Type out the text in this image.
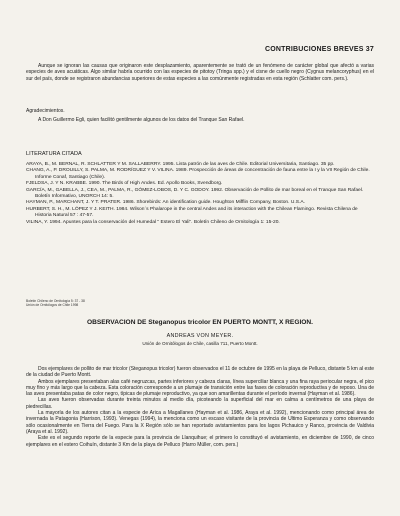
CONTRIBUCIONES BREVES 37
Aunque se ignoran las causas que originaron este desplazamiento, aparentemente se trató de un fenómeno de carácter global que afectó a varias especies de aves acuáticas. Algo similar habría ocurrido con las especies de pitotoy (Tringa spp.) y el cisne de cuello negro (Cygnus melancoryphus) en el sur del país, donde se registraron abundancias superiores de estas especies a las comúnmente registradas en esta región (Schlatter com. pers.).
Agradecimientos.
A Don Guillermo Egli, quien facilitó gentilmente algunos de los datos del Tranque San Rafael.
LITERATURA CITADA

ARAYA, B., M. BERNAL, R. SCHLATTER Y M. SALLABERRY. 1995. Lista patrón de las aves de Chile. Editorial Universitaria, Santiago. 35 pp.

CHANG, A., P. DROUILLY, S. PALMA, M. RODRÍGUEZ Y V. VILINA. 1989. Prospección de áreas de concentración de fauna entre la I y la VII Región de Chile. Informe Conaf, Santiago (Chile).

FJELDSA, J. Y N. KRABBE. 1990. The Birds of High Andes. Ed. Apollo Books, Svendborg.

GARCÍA, M., GABELLA, J., CEA, M., PALMA, R., GÓMEZ-LOBOS, D. Y C. GODOY. 1992. Observación de Pollito de mar boreal en el Tranque San Rafael. Boletín Informativo, UNORCH 14: 5.

HAYMAN, P., MARCHANT, J. Y T. PRATER. 1986. Shorebirds: An identification guide. Houghton Mifflin Company, Boston. U.S.A.

HURBERT, S. H., M. LÓPEZ Y J. KEITH. 1984. Wilson´s Phalarope in the central Andes and its interaction with the Chilean Flamingo. Revista Chilena de Historia Natural 57 : 47-57.

VILINA, Y. 1994. Apuntes para la conservación del Humedal " Estero El Yali". Boletín Chileno de Ornitología 1: 15-20.

Boletín Chileno de Ornitología 5: 37 - 38
Unión de Ornitólogos de Chile 1998
OBSERVACION DE Steganopus tricolor EN PUERTO MONTT, X REGION.
ANDREAS VON MEYER.
Unión de Ornitólogos de Chile, casilla 711, Puerto Montt.

Dos ejemplares de pollito de mar tricolor (Steganopus tricolor) fueron observados el 11 de octubre de 1995 en la playa de Pelluco, distante 5 km al este de la ciudad de Puerto Montt.

Ambos ejemplares presentaban alas café negruzcas, partes inferiores y cabeza claras, línea superciliar blanca y una fina raya periocular negra, el pico muy fino y más largo que la cabeza. Esta coloración corresponde a un plumaje de transición entre las fases de coloración reproductiva y de reposo. Una de las aves presentaba patas de color negro, típicas de plumaje reproductivo, ya que son amarillentas durante el período invernal (Hayman et al. 1986).

Las aves fueron observadas durante treinta minutos al medio día, picoteando la superficial del mar en calma a centímetros de una playa de piedrecillas.

La mayoría de los autores citan a la especie de Arica a Magallanes (Hayman et al. 1986, Araya et al. 1992), mencionando como principal área de invernada la Patagonia (Harrison, 1993). Venegas (1994), la menciona como un escaso visitante de la provincia de Ultimo Esperanza y como observando sólo ocasionalmente en Tierra del Fuego. Para la X Región sólo se han reportado avistamientos para los lagos Pichauico y Ranco, provincia de Valdivia (Araya et al. 1992).

Este es el segundo reporte de la especie para la provincia de Llanquihue; el primero lo constituyó el avistamiento, en diciembre de 1990, de cinco ejemplares en el estero Coihuín, distante 3 Km de la playa de Pelluco (Harro Müller, com. pers.)
